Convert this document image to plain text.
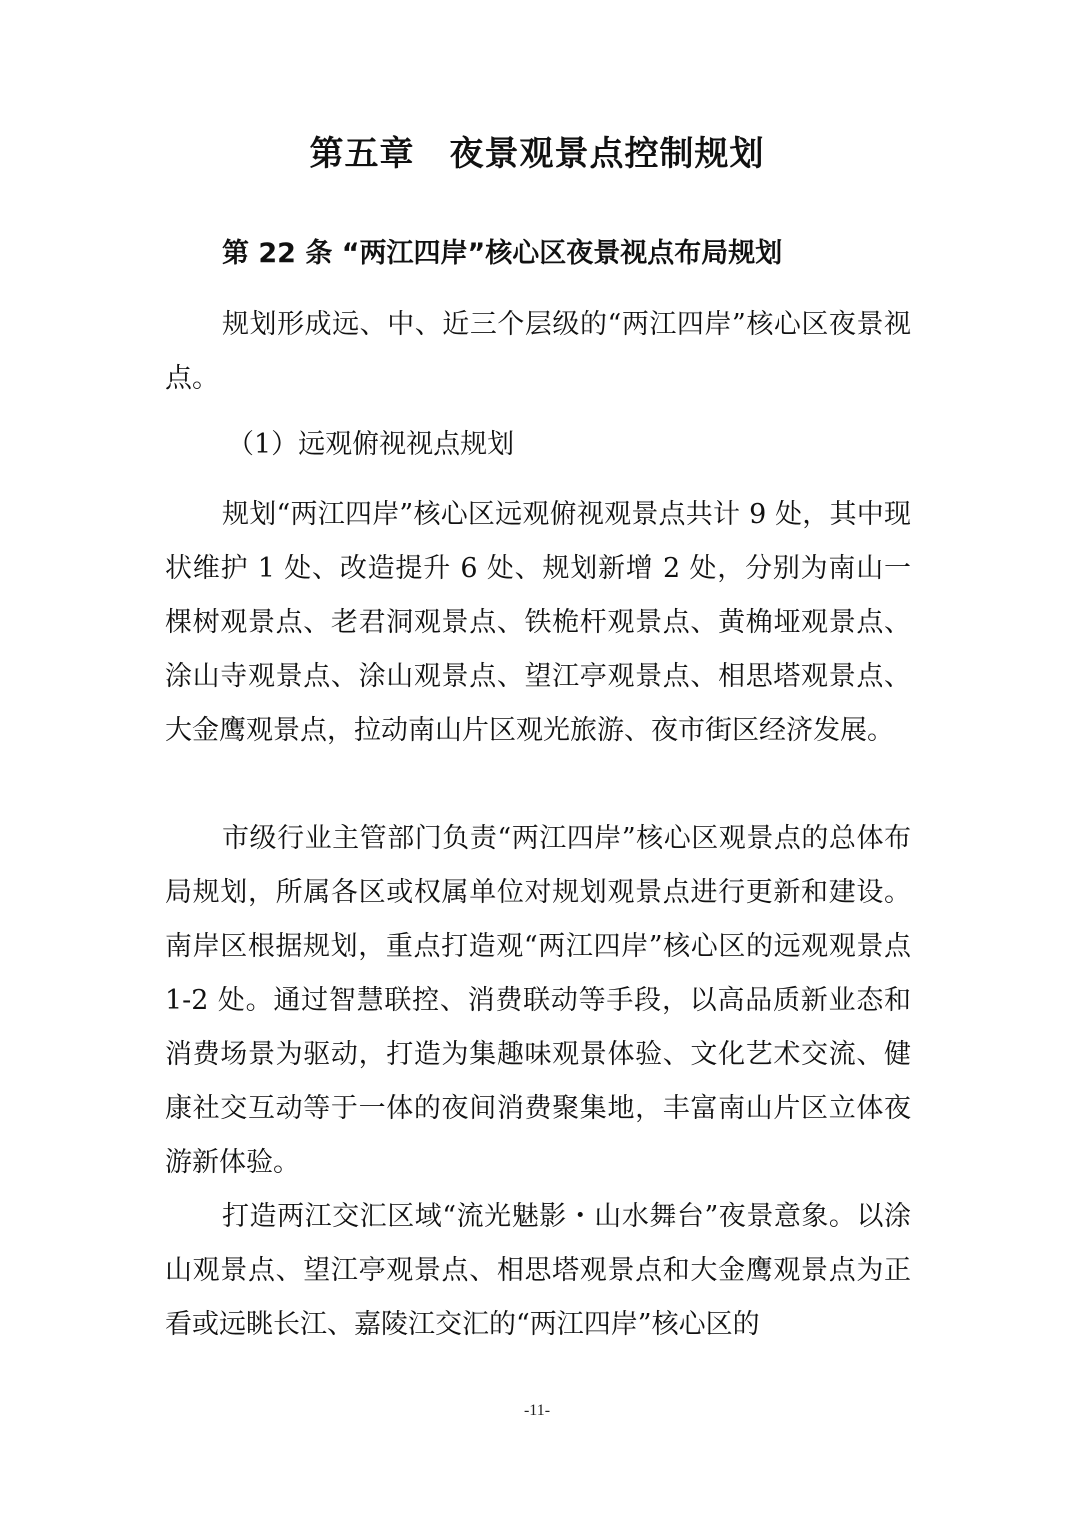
第五章　夜景观景点控制规划
第 22 条 “两江四岸”核心区夜景视点布局规划

规划形成远、中、近三个层级的“两江四岸”核心区夜景视点。

（1）远观俯视视点规划

规划“两江四岸”核心区远观俯视观景点共计 9 处，其中现状维护 1 处、改造提升 6 处、规划新增 2 处，分别为南山一棵树观景点、老君洞观景点、铁桅杆观景点、黄桷垭观景点、涂山寺观景点、涂山观景点、望江亭观景点、相思塔观景点、大金鹰观景点，拉动南山片区观光旅游、夜市街区经济发展。

市级行业主管部门负责“两江四岸”核心区观景点的总体布局规划，所属各区或权属单位对规划观景点进行更新和建设。南岸区根据规划，重点打造观“两江四岸”核心区的远观观景点 1-2 处。通过智慧联控、消费联动等手段，以高品质新业态和消费场景为驱动，打造为集趣味观景体验、文化艺术交流、健康社交互动等于一体的夜间消费聚集地，丰富南山片区立体夜游新体验。

打造两江交汇区域“流光魅影・山水舞台”夜景意象。以涂山观景点、望江亭观景点、相思塔观景点和大金鹰观景点为正看或远眺长江、嘉陵江交汇的“两江四岸”核心区的

-11-
